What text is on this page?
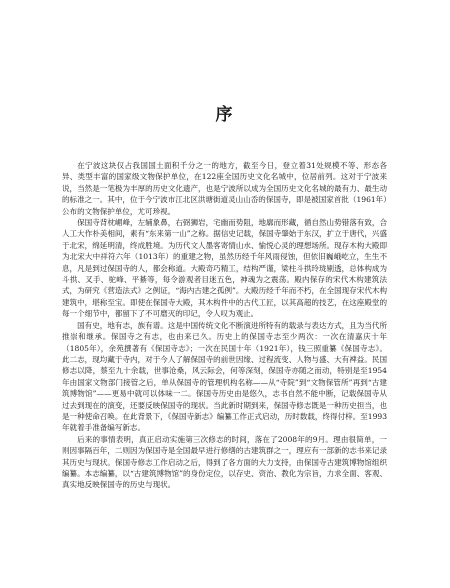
序

在宁波这块仅占我国国土面积千分之一的地方，截至今日，登立着31处规模不等、形态各异、类型丰富的国家级文物保护单位，在122座全国历史文化名城中，位居前列。这对于宁波来说，当然是一笔极为丰厚的历史文化遗产，也是宁波所以成为全国历史文化名城的最有力、最生动的标准之一。其中，位于今宁波市江北区洪塘街道灵山山岙的保国寺，即是被国家首批（1961年）公布的文物保护单位，尤可珍视。

保国寺背枕嵋峰，左辅象鼻，右弼狮岩，宅幽而势阻，地廓而形藏，循自然山势错落有致，合人工大作朴美相间，素有“东来第一山”之称。据信史记载，保国寺肇始于东汉，扩立于唐代，兴盛于北宋，绵延明清，终成胜境。为历代文人墨客寄情山水、愉悦心灵的理想场所。现存木构大殿即为北宋大中祥符六年（1013年）的重建之物，虽然历经千年风雨侵蚀，但依旧巍峨屹立，生生不息，凡是到过保国寺的人，都会称道。大殿奇巧精工，结构严谨，梁柱斗拱玲珑剔透，总体构成为斗拱、叉手、驼峰、平綦等，每令游观者目迷五色，神魂为之震荡。殿内保存的宋代木构建筑法式，为研究《营造法式》之例证，“海内古建之孤例”。大殿历经千年而不朽，在全国现存宋代木构建筑中，堪称至宝。即使在保国寺大殿，其木构件中的古代工匠，以其高超的技艺，在这座殿堂的每一个细节中，都留下了不可磨灭的印记，令人叹为观止。

国有史，地有志，族有谱。这是中国传统文化不断演进所特有的载录与表达方式，且为当代所推崇和继承。保国寺之有志，也由来已久。历史上的保国寺志至少两次：一次在清嘉庆十年（1805年），余苑撰著有《保国寺志》；一次在民国十年（1921年），钱三照重纂《保国寺志》。此二志，现均藏于寺内，对于今人了解保国寺的前世因缘、过程流变、人物与盛、大有裨益。民国修志以降，蔡至九十余载，世事沧桑，风云际会，何等深刻，保国寺亦随之而动，特别是至1954年由国家文物部门接管之后，单从保国寺的管理机构名称——从“寺院”到“文物保管所”再到“古建筑博物馆”——更易中就可以体味一二。保国寺历史由是悠久，志书自然不能中断，记载保国寺从过去到现在的演变，还要反映保国寺的现状。当此新时期到来，保国寺修志既是一种历史担当，也是一种使命召唤。在此背景下，《保国寺新志》编纂工作正式启动，历时数载，终得付梓。至1993年就着手准备编写新志。

后来的事情表明，真正启动实施第三次修志的时间，落在了2008年的9月。理由很简单，一则因事隔百年，二则因为保国寺是全国最早进行修缮的古建筑群之一，理应有一部新的志书来记录其历史与现状。保国寺修志工作启动之后，得到了各方面的大力支持，由保国寺古建筑博物馆组织编纂。本志编纂，以“古建筑博物馆”的身份定位，以存史、资治、教化为宗旨，力求全面、客观、真实地反映保国寺的历史与现状。
